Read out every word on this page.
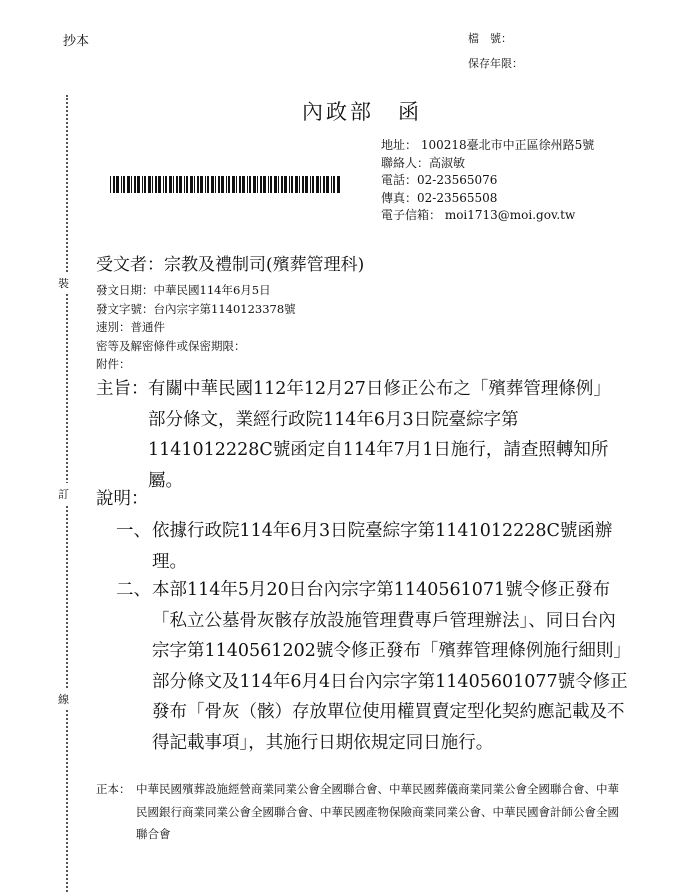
裝
訂
線
抄本	檔　號：
保存年限：
內政部　函
地址： 100218臺北市中正區徐州路5號
聯絡人：高淑敏
電話：02-23565076
傳真：02-23565508
電子信箱： moi1713@moi.gov.tw
受文者：宗教及禮制司(殯葬管理科)
發文日期：中華民國114年6月5日
發文字號：台內宗字第1140123378號
速別：普通件
密等及解密條件或保密期限：
附件：
主旨： 有關中華民國112年12月27日修正公布之「殯葬管理條例」部分條文，業經行政院114年6月3日院臺綜字第1141012228C號函定自114年7月1日施行，請查照轉知所屬。
說明：
一、 依據行政院114年6月3日院臺綜字第1141012228C號函辦理。
二、 本部114年5月20日台內宗字第1140561071號令修正發布「私立公墓骨灰骸存放設施管理費專戶管理辦法」、同日台內宗字第1140561202號令修正發布「殯葬管理條例施行細則」部分條文及114年6月4日台內宗字第11405601077號令修正發布「骨灰（骸）存放單位使用權買賣定型化契約應記載及不得記載事項」，其施行日期依規定同日施行。
正本： 中華民國殯葬設施經營商業同業公會全國聯合會、中華民國葬儀商業同業公會全國聯合會、中華民國銀行商業同業公會全國聯合會、中華民國產物保險商業同業公會、中華民國會計師公會全國聯合會
